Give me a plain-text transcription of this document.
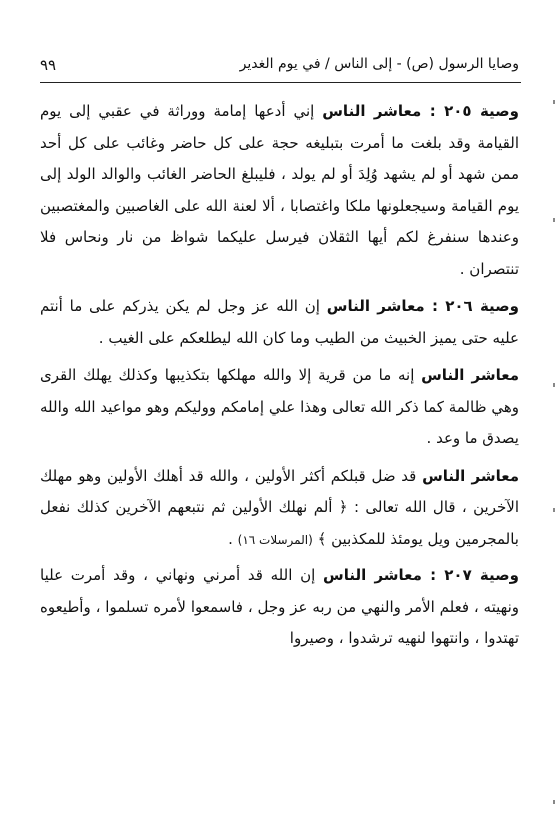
وصايا الرسول (ص) - إلى الناس / في يوم الغدير
٩٩

وصية ٢٠٥ : معاشر الناس إني أدعها إمامة ووراثة في عقبي إلى يوم القيامة وقد بلغت ما أمرت بتبليغه حجة على كل حاضر وغائب على كل أحد ممن شهد أو لم يشهد وُلِدَ أو لم يولد ، فليبلغ الحاضر الغائب والوالد الولد إلى يوم القيامة وسيجعلونها ملكا واغتصابا ، ألا لعنة الله على الغاصبين والمغتصبين وعندها سنفرغ لكم أيها الثقلان فيرسل عليكما شواظ من نار ونحاس فلا تنتصران .

وصية ٢٠٦ : معاشر الناس إن الله عز وجل لم يكن يذركم على ما أنتم عليه حتى يميز الخبيث من الطيب وما كان الله ليطلعكم على الغيب .

معاشر الناس إنه ما من قرية إلا والله مهلكها بتكذيبها وكذلك يهلك القرى وهي ظالمة كما ذكر الله تعالى وهذا علي إمامكم ووليكم وهو مواعيد الله والله يصدق ما وعد .

معاشر الناس قد ضل قبلكم أكثر الأولين ، والله قد أهلك الأولين وهو مهلك الآخرين ، قال الله تعالى : ﴿ ألم نهلك الأولين ثم نتبعهم الآخرين كذلك نفعل بالمجرمين ويل يومئذ للمكذبين ﴾ (المرسلات ١٦) .

وصية ٢٠٧ : معاشر الناس إن الله قد أمرني ونهاني ، وقد أمرت عليا ونهيته ، فعلم الأمر والنهي من ربه عز وجل ، فاسمعوا لأمره تسلموا ، وأطيعوه تهتدوا ، وانتهوا لنهيه ترشدوا ، وصيروا
